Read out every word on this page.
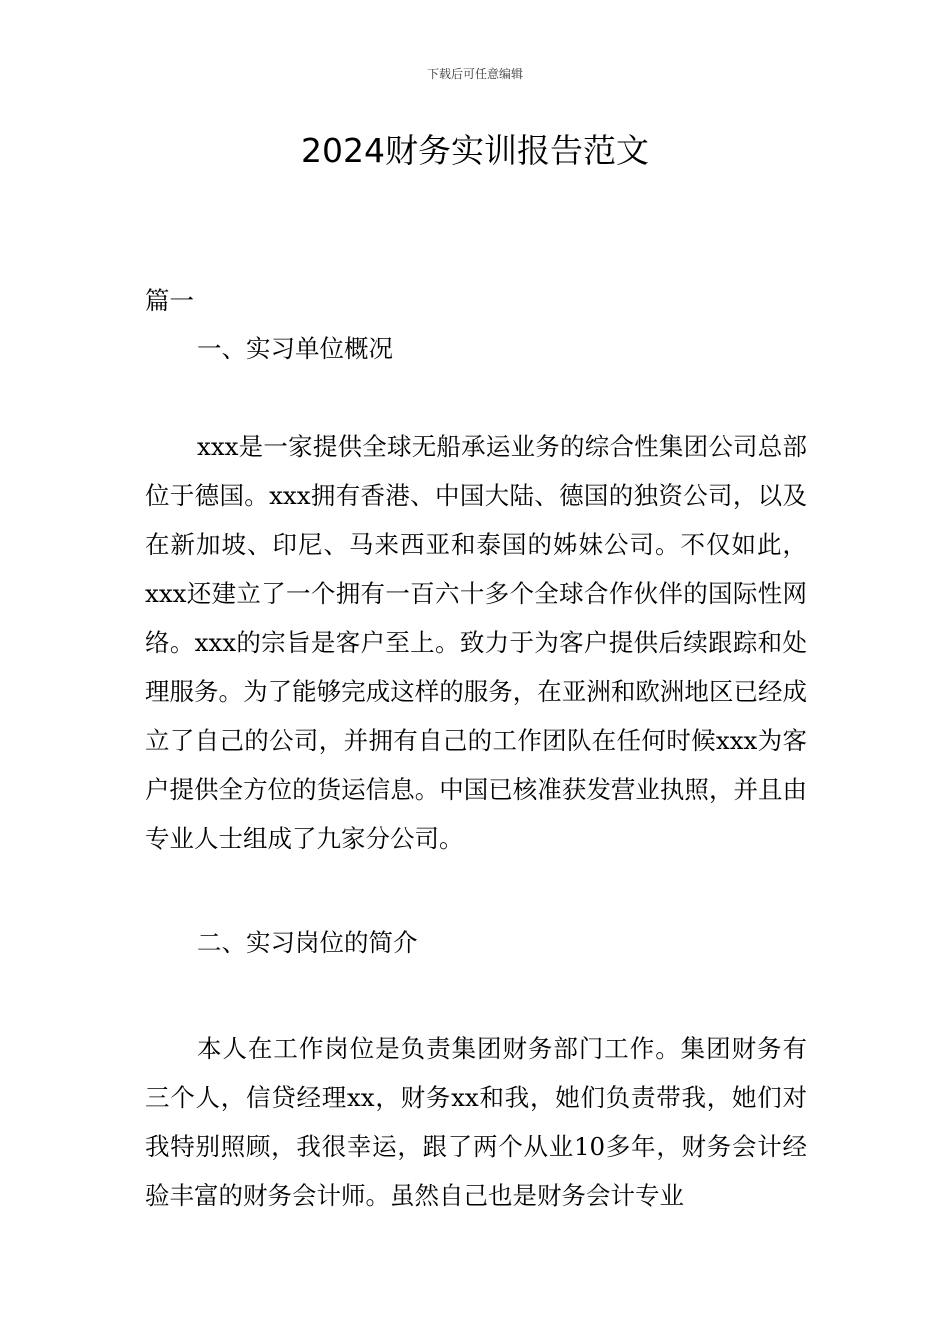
下载后可任意编辑
2024财务实训报告范文
篇一
一、实习单位概况

xxx是一家提供全球无船承运业务的综合性集团公司总部位于德国。xxx拥有香港、中国大陆、德国的独资公司，以及在新加坡、印尼、马来西亚和泰国的姊妹公司。不仅如此，xxx还建立了一个拥有一百六十多个全球合作伙伴的国际性网络。xxx的宗旨是客户至上。致力于为客户提供后续跟踪和处理服务。为了能够完成这样的服务，在亚洲和欧洲地区已经成立了自己的公司，并拥有自己的工作团队在任何时候xxx为客户提供全方位的货运信息。中国已核准获发营业执照，并且由专业人士组成了九家分公司。

二、实习岗位的简介

本人在工作岗位是负责集团财务部门工作。集团财务有三个人，信贷经理xx，财务xx和我，她们负责带我，她们对我特别照顾，我很幸运，跟了两个从业10多年，财务会计经验丰富的财务会计师。虽然自己也是财务会计专业
